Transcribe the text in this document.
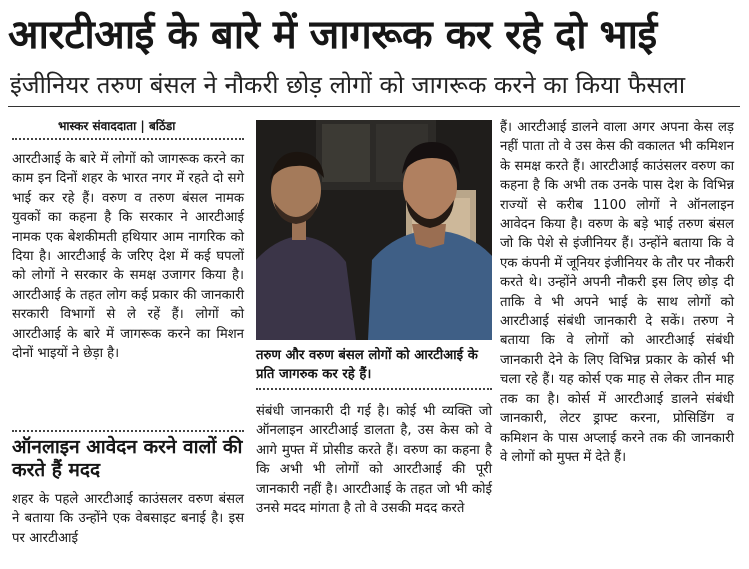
आरटीआई के बारे में जागरूक कर रहे दो भाई
इंजीनियर तरुण बंसल ने नौकरी छोड़ लोगों को जागरूक करने का किया फैसला
भास्कर संवाददाता | बठिंडा

आरटीआई के बारे में लोगों को जागरूक करने का काम इन दिनों शहर के भारत नगर में रहते दो सगे भाई कर रहे हैं। वरुण व तरुण बंसल नामक युवकों का कहना है कि सरकार ने आरटीआई नामक एक बेशकीमती हथियार आम नागरिक को दिया है। आरटीआई के जरिए देश में कई घपलों को लोगों ने सरकार के समक्ष उजागर किया है। आरटीआई के तहत लोग कई प्रकार की जानकारी सरकारी विभागों से ले रहें हैं। लोगों को आरटीआई के बारे में जागरूक करने का मिशन दोनों भाइयों ने छेड़ा है।

ऑनलाइन आवेदन करने वालों की करते हैं मदद
शहर के पहले आरटीआई काउंसलर वरुण बंसल ने बताया कि उन्होंने एक वेबसाइट बनाई है। इस पर आरटीआई
तरुण और वरुण बंसल लोगों को आरटीआई के प्रति जागरुक कर रहे हैं।

संबंधी जानकारी दी गई है। कोई भी व्यक्ति जो ऑनलाइन आरटीआई डालता है, उस केस को वे आगे मुफ्त में प्रोसीड करते हैं। वरुण का कहना है कि अभी भी लोगों को आरटीआई की पूरी जानकारी नहीं है। आरटीआई के तहत जो भी कोई उनसे मदद मांगता है तो वे उसकी मदद करते

हैं। आरटीआई डालने वाला अगर अपना केस लड़ नहीं पाता तो वे उस केस की वकालत भी कमिशन के समक्ष करते हैं। आरटीआई काउंसलर वरुण का कहना है कि अभी तक उनके पास देश के विभिन्न राज्यों से करीब 1100 लोगों ने ऑनलाइन आवेदन किया है। वरुण के बड़े भाई तरुण बंसल जो कि पेशे से इंजीनियर हैं। उन्होंने बताया कि वे एक कंपनी में जूनियर इंजीनियर के तौर पर नौकरी करते थे। उन्होंने अपनी नौकरी इस लिए छोड़ दी ताकि वे भी अपने भाई के साथ लोगों को आरटीआई संबंधी जानकारी दे सकें। तरुण ने बताया कि वे लोगों को आरटीआई संबंधी जानकारी देने के लिए विभिन्न प्रकार के कोर्स भी चला रहे हैं। यह कोर्स एक माह से लेकर तीन माह तक का है। कोर्स में आरटीआई डालने संबंधी जानकारी, लेटर ड्राफ्ट करना, प्रोसिडिंग व कमिशन के पास अप्लाई करने तक की जानकारी वे लोगों को मुफ्त में देते हैं।
